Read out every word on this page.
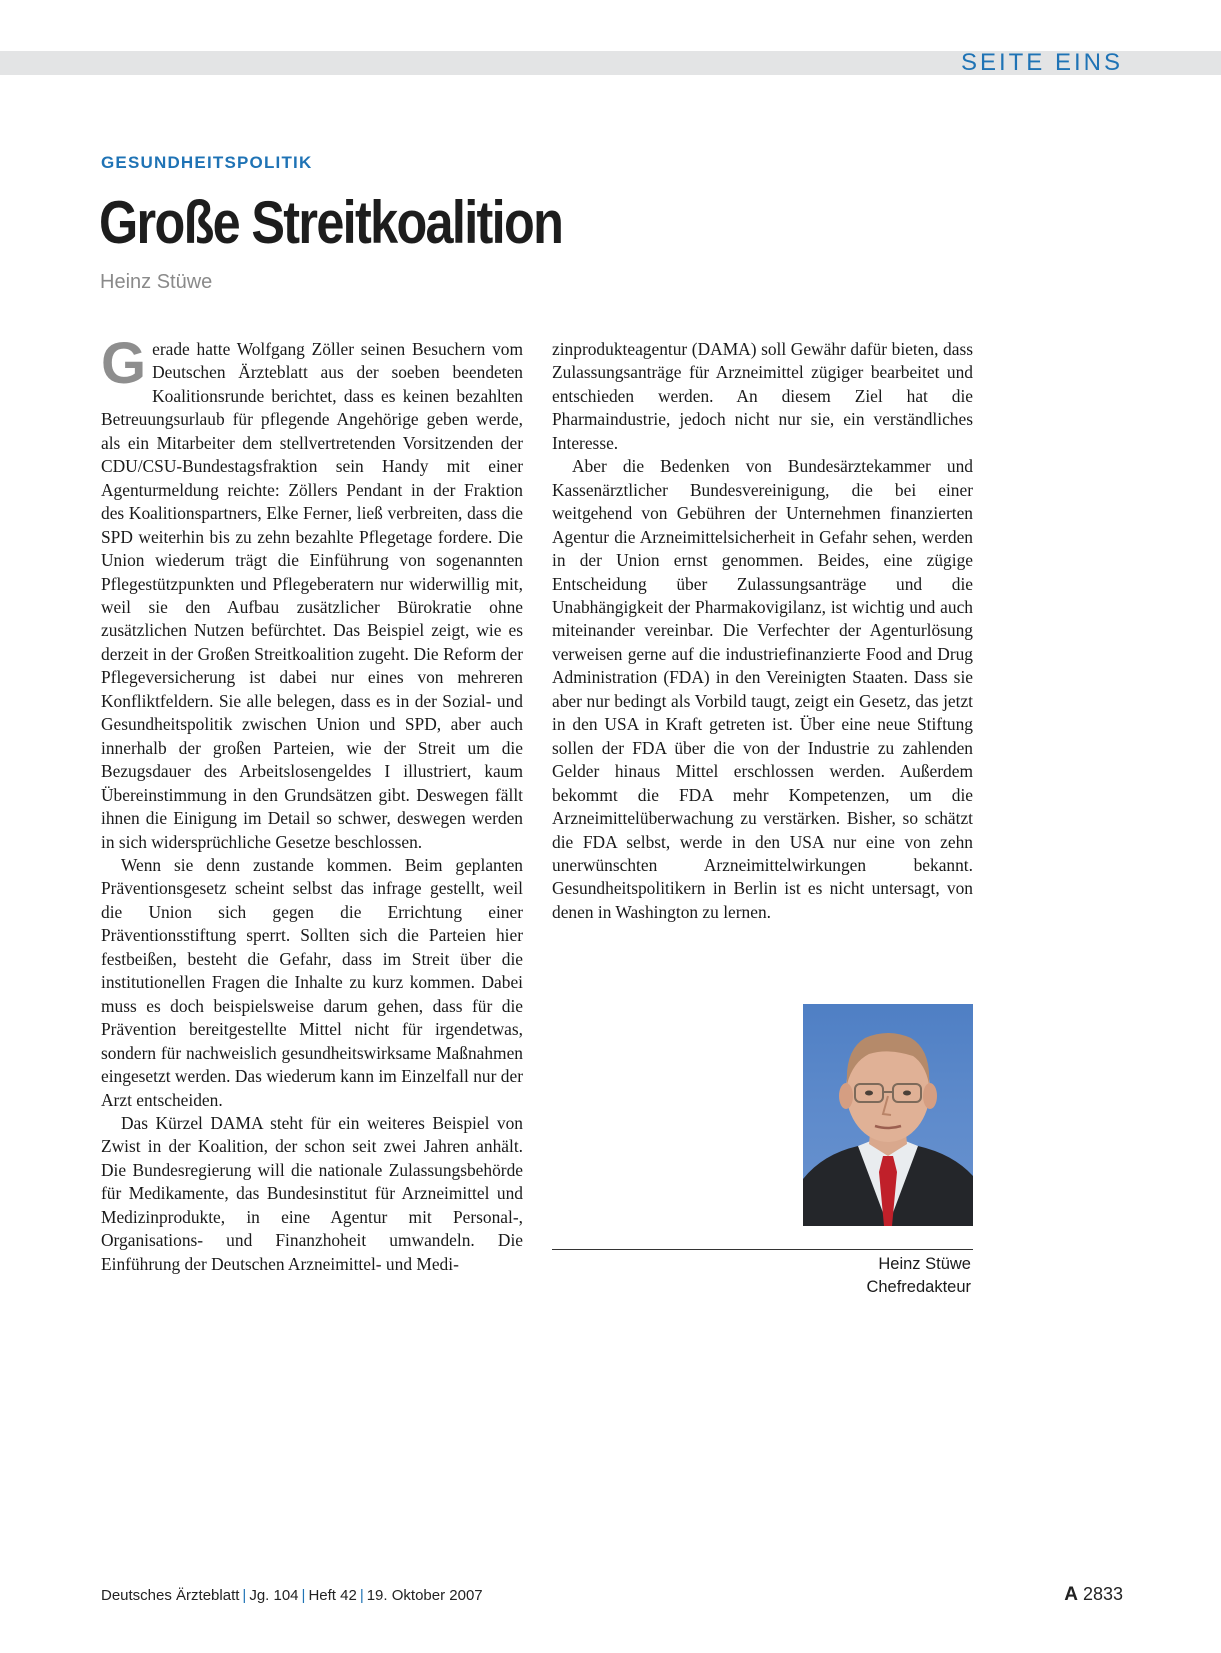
SEITE EINS
GESUNDHEITSPOLITIK
Große Streitkoalition
Heinz Stüwe

Gerade hatte Wolfgang Zöller seinen Besuchern vom Deutschen Ärzteblatt aus der soeben beendeten Koalitionsrunde berichtet, dass es keinen bezahlten Betreuungsurlaub für pflegende Angehörige geben werde, als ein Mitarbeiter dem stellvertretenden Vorsitzenden der CDU/CSU-Bundestagsfraktion sein Handy mit einer Agenturmeldung reichte: Zöllers Pendant in der Fraktion des Koalitionspartners, Elke Ferner, ließ verbreiten, dass die SPD weiterhin bis zu zehn bezahlte Pflegetage fordere. Die Union wiederum trägt die Einführung von sogenannten Pflegestützpunkten und Pflegeberatern nur widerwillig mit, weil sie den Aufbau zusätzlicher Bürokratie ohne zusätzlichen Nutzen befürchtet. Das Beispiel zeigt, wie es derzeit in der Großen Streitkoalition zugeht. Die Reform der Pflegeversicherung ist dabei nur eines von mehreren Konfliktfeldern. Sie alle belegen, dass es in der Sozial- und Gesundheitspolitik zwischen Union und SPD, aber auch innerhalb der großen Parteien, wie der Streit um die Bezugsdauer des Arbeitslosengeldes I illustriert, kaum Übereinstimmung in den Grundsätzen gibt. Deswegen fällt ihnen die Einigung im Detail so schwer, deswegen werden in sich widersprüchliche Gesetze beschlossen.

Wenn sie denn zustande kommen. Beim geplanten Präventionsgesetz scheint selbst das infrage gestellt, weil die Union sich gegen die Errichtung einer Präventionsstiftung sperrt. Sollten sich die Parteien hier festbeißen, besteht die Gefahr, dass im Streit über die institutionellen Fragen die Inhalte zu kurz kommen. Dabei muss es doch beispielsweise darum gehen, dass für die Prävention bereitgestellte Mittel nicht für irgendetwas, sondern für nachweislich gesundheitswirksame Maßnahmen eingesetzt werden. Das wiederum kann im Einzelfall nur der Arzt entscheiden.

Das Kürzel DAMA steht für ein weiteres Beispiel von Zwist in der Koalition, der schon seit zwei Jahren anhält. Die Bundesregierung will die nationale Zulassungsbehörde für Medikamente, das Bundesinstitut für Arzneimittel und Medizinprodukte, in eine Agentur mit Personal-, Organisations- und Finanzhoheit umwandeln. Die Einführung der Deutschen Arzneimittel- und Medi-

zinproduktеagentur (DAMA) soll Gewähr dafür bieten, dass Zulassungsanträge für Arzneimittel zügiger bearbeitet und entschieden werden. An diesem Ziel hat die Pharmaindustrie, jedoch nicht nur sie, ein verständliches Interesse.

Aber die Bedenken von Bundesärztekammer und Kassenärztlicher Bundesvereinigung, die bei einer weitgehend von Gebühren der Unternehmen finanzierten Agentur die Arzneimittelsicherheit in Gefahr sehen, werden in der Union ernst genommen. Beides, eine zügige Entscheidung über Zulassungsanträge und die Unabhängigkeit der Pharmakovigilanz, ist wichtig und auch miteinander vereinbar. Die Verfechter der Agenturlösung verweisen gerne auf die industriefinanzierte Food and Drug Administration (FDA) in den Vereinigten Staaten. Dass sie aber nur bedingt als Vorbild taugt, zeigt ein Gesetz, das jetzt in den USA in Kraft getreten ist. Über eine neue Stiftung sollen der FDA über die von der Industrie zu zahlenden Gelder hinaus Mittel erschlossen werden. Außerdem bekommt die FDA mehr Kompetenzen, um die Arzneimittelüberwachung zu verstärken. Bisher, so schätzt die FDA selbst, werde in den USA nur eine von zehn unerwünschten Arzneimittelwirkungen bekannt. Gesundheitspolitikern in Berlin ist es nicht untersagt, von denen in Washington zu lernen.

Heinz Stüwe
Chefredakteur
Deutsches Ärzteblatt | Jg. 104 | Heft 42 | 19. Oktober 2007	A 2833
